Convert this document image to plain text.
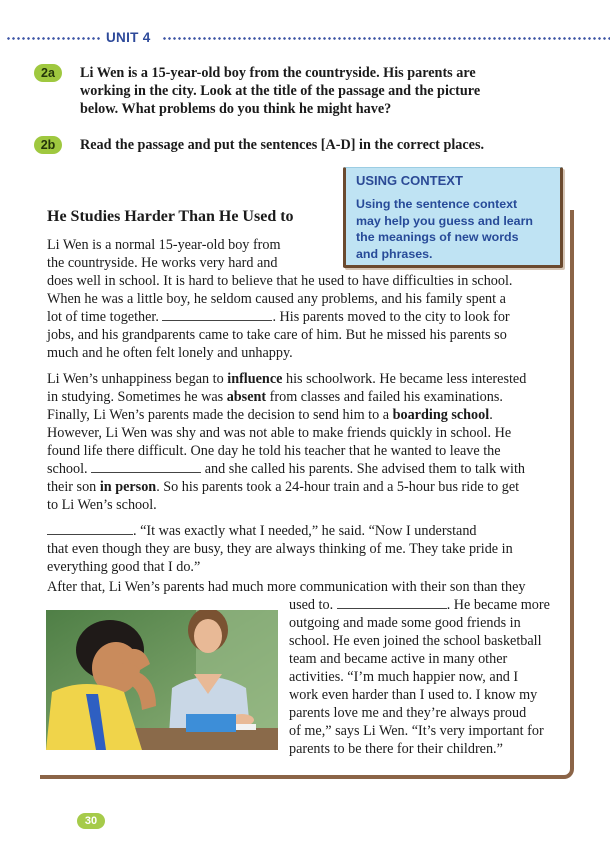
UNIT 4
2a	Li Wen is a 15-year-old boy from the countryside. His parents are
working in the city. Look at the title of the passage and the picture
below. What problems do you think he might have?
2b	Read the passage and put the sentences [A-D] in the correct places.
USING CONTEXT
Using the sentence context
may help you guess and learn
the meanings of new words
and phrases.
He Studies Harder Than He Used to
Li Wen is a normal 15-year-old boy from
the countryside. He works very hard and
does well in school. It is hard to believe that he used to have difficulties in school.
When he was a little boy, he seldom caused any problems, and his family spent a
lot of time together.	. His parents moved to the city to look for
jobs, and his grandparents came to take care of him. But he missed his parents so
much and he often felt lonely and unhappy.
Li Wen’s unhappiness began to influence his schoolwork. He became less interested
in studying. Sometimes he was absent from classes and failed his examinations.
Finally, Li Wen’s parents made the decision to send him to a boarding school.
However, Li Wen was shy and was not able to make friends quickly in school. He
found life there difficult. One day he told his teacher that he wanted to leave the
school.	and she called his parents. She advised them to talk with
their son in person. So his parents took a 24-hour train and a 5-hour bus ride to get
to Li Wen’s school.
. “It was exactly what I needed,” he said. “Now I understand
that even though they are busy, they are always thinking of me. They take pride in
everything good that I do.”
After that, Li Wen’s parents had much more communication with their son than they
used to.	. He became more
outgoing and made some good friends in
school. He even joined the school basketball
team and became active in many other
activities. “I’m much happier now, and I
work even harder than I used to. I know my
parents love me and they’re always proud
of me,” says Li Wen. “It’s very important for
parents to be there for their children.”
30
